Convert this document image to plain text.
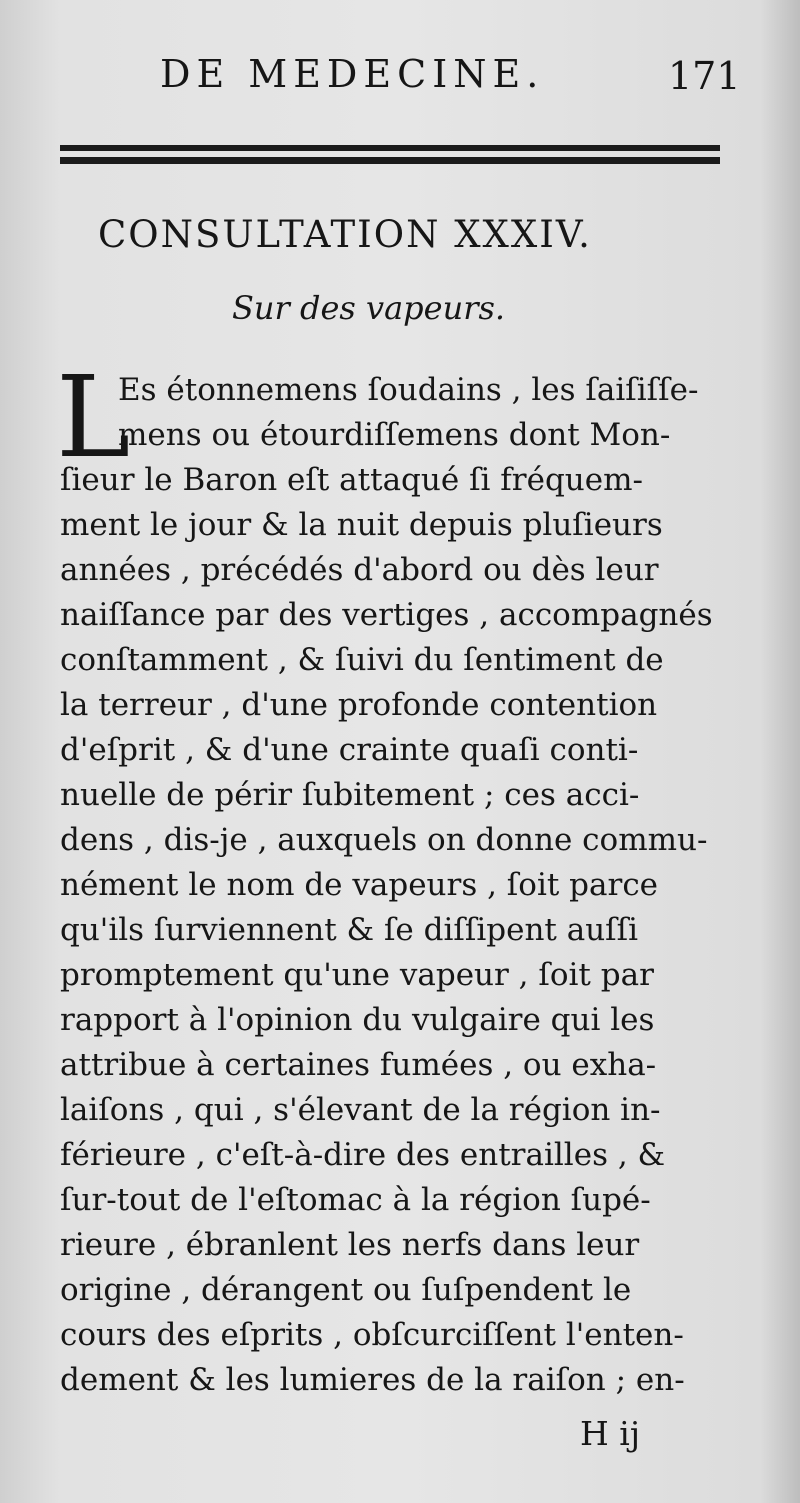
DE MEDECINE.	171
CONSULTATION XXXIV.
Sur des vapeurs.
L
Es étonnemens ſoudains , les ſaiſiſſe-
mens ou étourdiſſemens dont Mon-
ſieur le Baron eſt attaqué ſi fréquem-
ment le jour & la nuit depuis pluſieurs
années , précédés d'abord ou dès leur
naiſſance par des vertiges , accompagnés
conſtamment , & ſuivi du ſentiment de
la terreur , d'une profonde contention
d'eſprit , & d'une crainte quaſi conti-
nuelle de périr ſubitement ; ces acci-
dens , dis-je , auxquels on donne commu-
nément le nom de vapeurs , ſoit parce
qu'ils ſurviennent & ſe diſſipent auſſi
promptement qu'une vapeur , ſoit par
rapport à l'opinion du vulgaire qui les
attribue à certaines fumées , ou exha-
laiſons , qui , s'élevant de la région in-
férieure , c'eſt-à-dire des entrailles , &
ſur-tout de l'eſtomac à la région ſupé-
rieure , ébranlent les nerfs dans leur
origine , dérangent ou ſuſpendent le
cours des eſprits , obſcurciſſent l'enten-
dement & les lumieres de la raiſon ; en-
H ij
